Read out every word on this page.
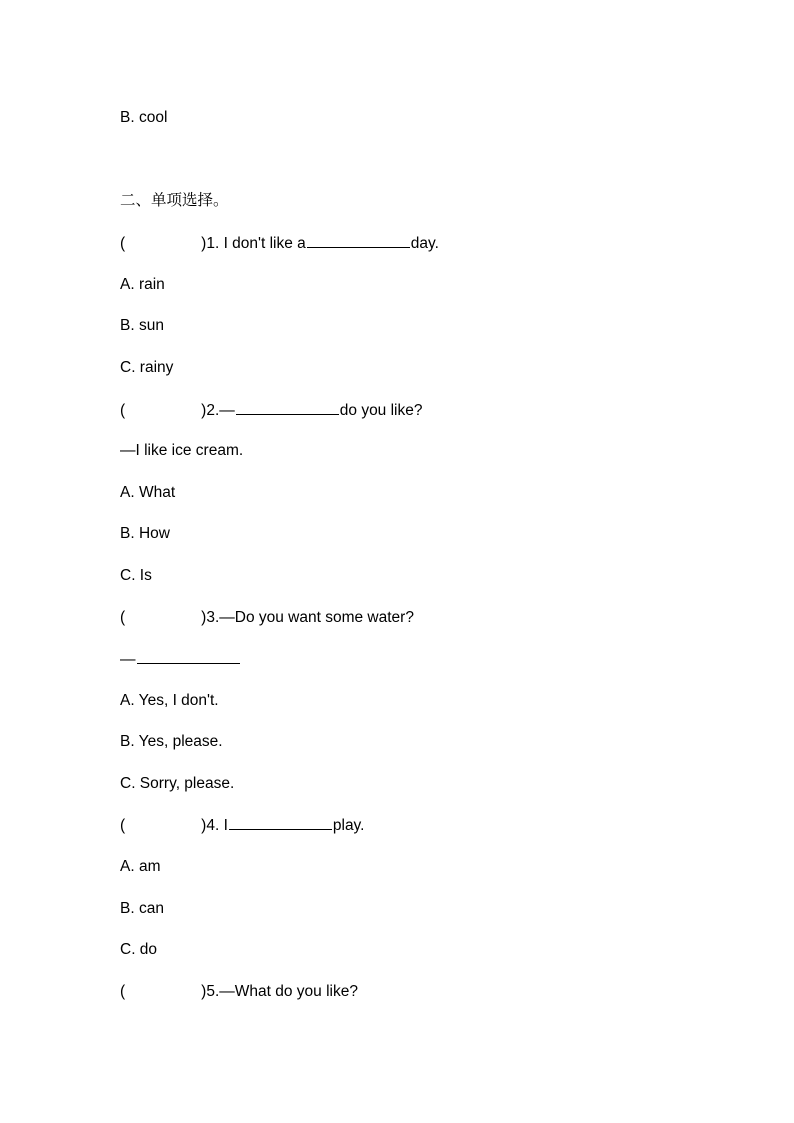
B. cool
二、单项选择。
(	)1. I don't like a	day.
A. rain
B. sun
C. rainy
(	)2.—	do you like?
—I like ice cream.
A. What
B. How
C. Is
(	)3.—Do you want some water?
—
A. Yes, I don't.
B. Yes, please.
C. Sorry, please.
(	)4. I	play.
A. am
B. can
C. do
(	)5.—What do you like?
